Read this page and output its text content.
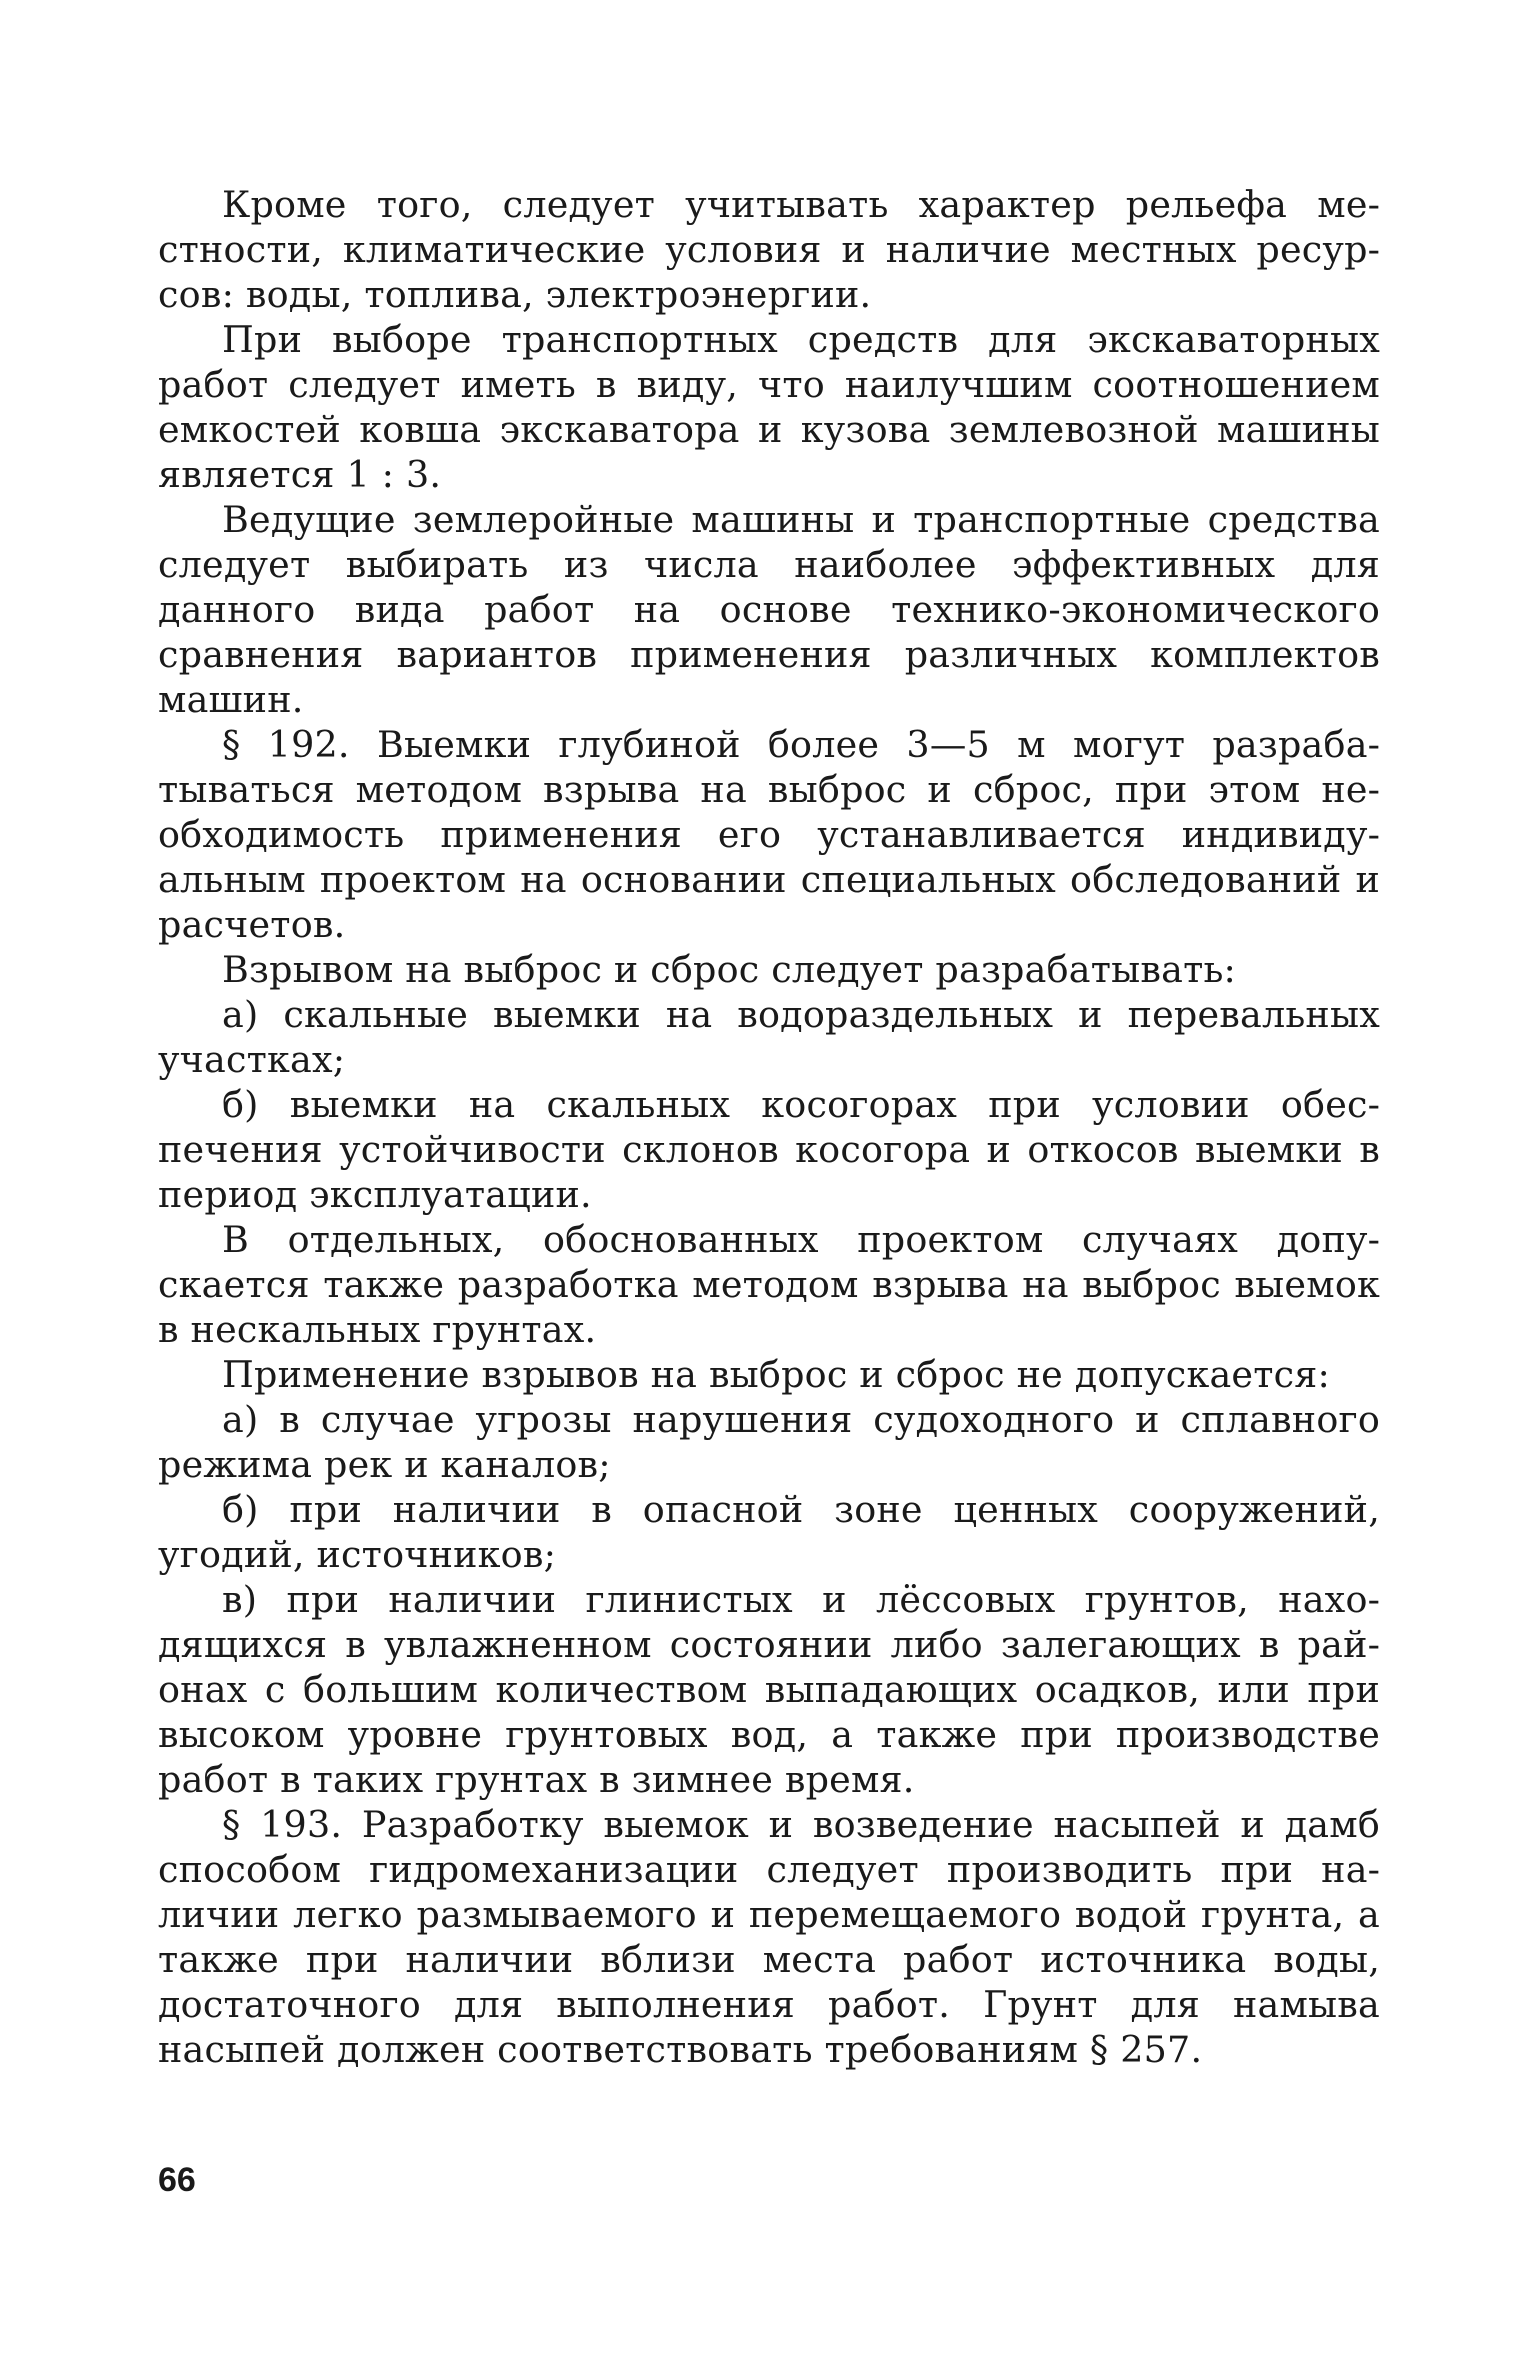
Кроме того, следует учитывать характер рельефа местности, климатические условия и наличие местных ресурсов: воды, топлива, электроэнергии.

При выборе транспортных средств для экскаваторных работ следует иметь в виду, что наилучшим соотношением емкостей ковша экскаватора и кузова землевозной машины является 1 : 3.

Ведущие землеройные машины и транспортные средства следует выбирать из числа наиболее эффективных для данного вида работ на основе технико-экономического сравнения вариантов применения различных комплектов машин.

§ 192. Выемки глубиной более 3—5 м могут разрабатываться методом взрыва на выброс и сброс, при этом необходимость применения его устанавливается индивидуальным проектом на основании специальных обследований и расчетов.

Взрывом на выброс и сброс следует разрабатывать:

а) скальные выемки на водораздельных и перевальных участках;

б) выемки на скальных косогорах при условии обеспечения устойчивости склонов косогора и откосов выемки в период эксплуатации.

В отдельных, обоснованных проектом случаях допускается также разработка методом взрыва на выброс выемок в нескальных грунтах.

Применение взрывов на выброс и сброс не допускается:

а) в случае угрозы нарушения судоходного и сплавного режима рек и каналов;

б) при наличии в опасной зоне ценных сооружений, угодий, источников;

в) при наличии глинистых и лёссовых грунтов, находящихся в увлажненном состоянии либо залегающих в районах с большим количеством выпадающих осадков, или при высоком уровне грунтовых вод, а также при производстве работ в таких грунтах в зимнее время.

§ 193. Разработку выемок и возведение насыпей и дамб способом гидромеханизации следует производить при наличии легко размываемого и перемещаемого водой грунта, а также при наличии вблизи места работ источника воды, достаточного для выполнения работ. Грунт для намыва насыпей должен соответствовать требованиям § 257.

66
